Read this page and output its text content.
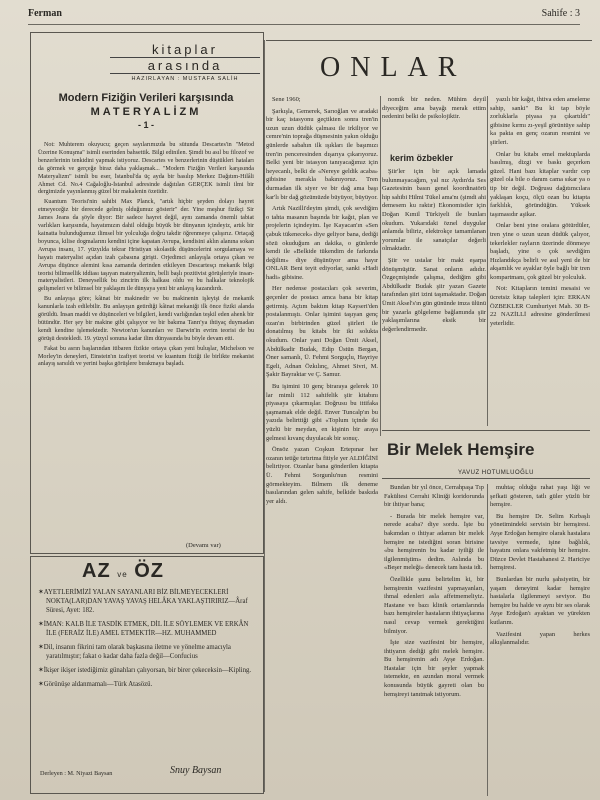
Ferman	Sahife : 3
kitaplar
arasında
HAZIRLAYAN : MUSTAFA SALİH
Modern Fiziğin Verileri karşısında
MATERYALİZM
- 1 -

Not: Muhterem okuyucu; geçen sayılarımızda bu sütunda Descartes'in "Metod Üzerine Konuşma" isimli eserinden bahsettik. Bilgi edinilen. Şimdi bu asıl bu filozof ve benzerlerinin tenkidini yapmak istiyoruz. Descartes ve benzerlerinin düştükleri hataları da görmek ve gerçeğe biraz daha yaklaşmak... "Modern Fiziğin Verileri karşısında Materyalizm" isimli bu eser, İstanbul'da üç ayda bir basılıp Merkez Dağıtım-Hilâli Ahmet Cd. No.4 Cağaloğlu-İstanbul adresinde dağıtılan GERÇEK isimli ilmi bir dergimizde yayınlanmış güzel bir makalenin özetidir.

Kuantum Teorisi'nin sahibi Max Planck, "artık hiçbir şeyden dolayı hayret etmeyeceğiz bir derecede gelmiş olduğumuz gösterir" der. Yine meşhur fizikçi Sir James Jeans da şöyle diyor: Bir sadece hayret değil, aynı zamanda önemli tabiat varlıkları karşısında, hayatımızın dahil olduğu büyük bir dünyanın içindeyiz, artık bir kainatta bulunduğumuz ilimsel bir yolculuğa doğru takdir öğrenmeye çalışırız. Ortaçağ boyunca, kilise dogmalarını kendini içine kapatan Avrupa, kendisini aklın alanına sokan Avrupa insanı, 17. yüzyılda tekrar Hristiyan skolastik düşüncelerini sorgulamaya ve hayatı materyalist açıdan izah çabasına girişti. Orjedimci anlayışla ortaya çıkan ve Avrupa düşünce alemini kısa zamanda derinden etkileyen Descartesçı mekanik bilgi teorisi bilimsellik iddiası taşıyan materyalizmin, belli başlı pozitivist görüşleriyle insan-materyalistleri. Deneysellik bu zincirin ilk halkası oldu ve bu halkalar teknolojik gelişmeleri ve bilimsel bir yaklaşım ile dünyaya yeni bir anlayış kazandırdı.

Bu anlayışa göre; kâinat bir makinedir ve bu makinenin işleyişi de mekanik kanunlarla izah edilebilir. Bu anlayışın getirdiği kâinat mekaniği ilk önce fiziki alanda görüldü. İnsan maddi ve düşünceleri ve bilgileri, kendi varlığından teşkil eden ahenk bir bütündür. Her şey bir makine gibi çalışıyor ve bir bakıma Tanrı'ya ihtiyaç duymadan kendi kendine işlemektedir. Newton'un kanunları ve Darwin'in evrim teorisi de bu görüşü destekledi. 19. yüzyıl sonuna kadar ilim dünyasında bu böyle devam etti.

Fakat bu asrın başlarından itibaren fizikte ortaya çıkan yeni buluşlar, Michelson ve Morley'in deneyleri, Einstein'ın izafiyet teorisi ve kuantum fiziği ile birlikte mekanist anlayış sarsıldı ve yerini başka görüşlere bırakmaya başladı.

(Devamı var)
AZ ve ÖZ
✶ AYETLERİMİZİ YALAN SAYANLARI BİZ BİLMEYECEKLERİ NOKTA(LAR)DAN YAVAŞ YAVAŞ HELÂKA YAKLAŞTIRIRIZ—Âraf Süresi, Ayet: 182.
✶ İMAN: KALB İLE TASDİK ETMEK, DİL İLE SÖYLEMEK VE ERKÂN İLE (FERAİZ İLE) AMEL ETMEKTİR—HZ. MUHAMMED
✶ Dil, insanın fikrini tam olarak başkasına iletme ve yönelme amacıyla yaratılmıştır; fakat o kadar daha fazla değil—Confucius
✶ İkişer ikişer istediğimiz günahları çalıyorsan, bir birer çekeceksin—Kipling.
✶ Görünüşe aldanmamalı—Türk Atasözü.
Derleyen : M. Niyazi Baysan	Snuy Baysan
ONLAR

Sene 1960;

Şarkışla, Gemerek, Sarıoğlan ve aradaki bir kaç istasyonu geçtikten sonra tren'in uzun uzun düdük çalması ile irkiliyor ve cemre'nin toprağa düşmesinin yakın olduğu günlerde sabahın ilk ışıkları ile başımızı tren'in penceresinden dışarıya çıkarıyoruz. Belki yeni bir istasyon tanıyacağımız için heyecanlı, belki de «Nereye geldik acaba» gibisine merakla bakınıyoruz. Tren durmadan ilk siyer ve bir dağ ama başı kar'lı bir dağ gözümüzde büyüyor, büyüyor.

Artık Nazilli'deyim şimdi, çok sevdiğim o tahta masanın başında bir kağıt, plan ve projelerin içindeyim. İşe Kayacan'ın «Sen çabuk tükenecek» diye geliyor bana, dediği sözü okuduğum an dakika, o günlerde kendi ile «Belkide tükendim de farkında değilim» diye düşünüyor ama hayır ONLAR Beni teyit ediyorlar, sanki «Hadi hadi» gibisine.

Her nedense postacıları çok severim, geçenler de postacı amca bana bir kitap getirmiş. Açtım baktım kitap Kayseri'den postalanmıştı. Onlar işimini taşıyan genç ozan'ın birbirinden güzel şiirleri ile donatılmış bu kitabı bir iki solukta okudum. Onlar yani Doğan Ümit Aksel, Abdülkadir Budak, Edip Üstün Bergan, Öner samanlı, Ü. Fehmi Sorguçlu, Hayriye Egeli, Adnan Özkılınç, Ahmet Sivri, M. Şakir Bayraktar ve Ç. Samur.

Bu işimini 10 genç biraraya gelerek 10 lar mimli 112 sahifelik şiir kitabını piyasaya çıkarmışlar. Doğrusu bu ittifaka şaşmamak elde değil. Enver Tuncalp'ın bu yazıda belirttiği gibi «Toplum içinde iki yüzlü bir meydan, en kişinin bir araya gelmesi kıvanç duyulacak bir sonuç.

Önsöz yazan Coşkun Ertepınar her ozanın tetiğe tırtırtma fitiyle yer ALDİĞİNİ belirtiyor. Ozanlar bana gönderilen kitapta Ü. Fehmi Sorgunlu'nun resmini görmekteyim. Bilmem ilk deneme basılarından gelen sahife, belkide baskıda yer aldı.

nomik bir neden. Mühim deyil diyeceğim ama bayağı merak ettim nedenini belki de psikolojiktir.

kerim özbekler

Şiir'ler için bir açık lamada bulunmayacağım, yal nız Aydın'da Ses Gazetesinin basın genel koordinatörü hip sahibi Hilmi Tükel ama'nı (şimdi ahi demesem ku raktır) Ekonomistler için Doğan Kımil Türkiyeli ile bunları okudum. Yukarıdaki öznel duygular anlamda biliriz, elektrokçe tamamlanan yorumlar ile sanatçılar değerli olmaktadır.

Şiir ve ustalar bir makt eşarpa dönüşmüştür. Sanat onların adıdır. Özgeçmişinde çalışma, dediğim gibi Abdülkadir Budak şiir yazan Gazete tarafından şiiri izini taşımaktadır. Doğan Ümit Aksel's'ın gün gününde imza ülünü bir yazarla gölgeleme bağlamında şiir yaklaşımlarına eksik bir değerlendirmedir.

yazılı bir kağıt, ihtiva eden ameleme sahip, sanki" Bu ki tap böyle zorluklarla piyasa ya çıkartıldı" gibisine kırmı zı-yeşil görüntüye sahip ka pakta en genç ozanın resmini ve şiirleri.

Onlar bu kitabı emel mektuplarda basılmış, dizgi ve baskı geçerken güzel. Hani bazı kitaplar vardır cep güzel ola bile o danım cama sıkar ya o tip bir değil. Doğrusu dağıtımcılara yaklaşan koçu, ölçü ozan bu kitapta farklılık, göründüğün. Yüksek taşımasıdır aşikar.

Onlar beni yine oralara götürdüler, tren yine o uzun uzun düdük çalıyor, tekerlekler rayların üzerinde dönmeye başladı, yine o çok sevdiğim Hızlandıkça belirli ve asıl yeni de bir akşamlık ve ayaklar öyle bağlı bir tren kompartmanı, çok güzel bir yolculuk.

Not: Kitapların temini mesaisi ve ücretsiz kitap talepleri için: ERKAN ÖZBEKLER Cumhuriyet Mah. 30 B-22 NAZİLLİ adresine gönderilmesi yeterlidir.

Bir Melek Hemşire
YAVUZ HOTUMLUOĞLU

Bundan bir yıl önce, Cerrahpaşa Tıp Fakültesi Cerrahi Kliniği koridorunda bir ihtiyar bana;

- Burada bir melek hemşire var, nerede acaba? diye sordu. İşte bu bakımdan o ihtiyar adamın bir melek hemşire ne istediğini soran birisine «bu hemşirenin bu kadar iyiliği ile ilgilenmiştim» dedim. Aslında bu «Beşer meleği» denecek tam hasta idi.

Özellikle şunu belirtelim ki, bir hemşirenin vazifesini yapmayanları, ihmal edenleri asla affetmemeliyiz. Hastane ve bazı klinik ortamlarında bazı hemşireler hastaların ihtiyaçlarına nasıl cevap vermek gerektiğini bilmiyor.

İşte size vazifesini bir hemşire, ihtiyarın dediği gibi melek hemşire. Bu hemşirenin adı Ayşe Erdoğan. Hastalar için bir şeyler yapmak istemekte, en azından moral vermek konusunda büyük gayreti olan bu hemşireyi tanıtmak istiyorum.

muhtaç olduğu rahat yaşı liği ve şefkati gösteren, tatlı güler yüzlü bir hemşire.

Bu hemşire Dr. Selim Kırbaşlı yönetimindeki servisin bir hemşiresi. Ayşe Erdoğan hemşire olarak hastalara tavsiye vermede, işine bağlılık, hayatını onlara vakfetmiş bir hemşire. Düzce Devlet Hastahanesi 2. Hariciye hemşiresi.

Bunlardan bir nurlu şahsiyetin, bir yaşam deneyimi kadar hemşire hastalarla ilgilenmeyi seviyor. Bu hemşire bu halde ve aynı bir ses olarak Ayşe Erdoğan'ı ayaktan ve yürekten kutlarım.

Vazifesini yapan herkes alkışlanmalıdır.
